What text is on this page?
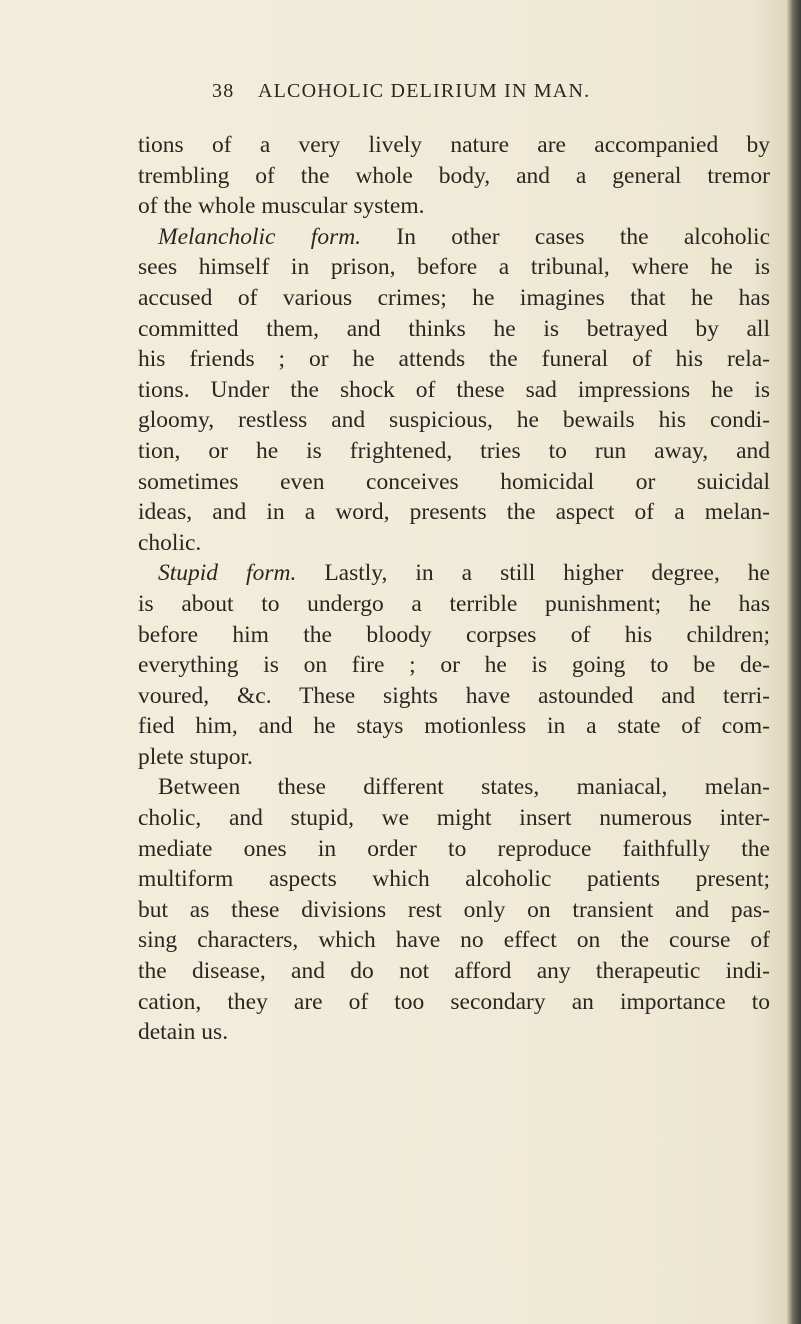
38 ALCOHOLIC DELIRIUM IN MAN.
tions of a very lively nature are accompanied by
trembling of the whole body, and a general tremor
of the whole muscular system.
Melancholic form. In other cases the alcoholic
sees himself in prison, before a tribunal, where he is
accused of various crimes; he imagines that he has
committed them, and thinks he is betrayed by all
his friends ; or he attends the funeral of his rela-
tions. Under the shock of these sad impressions he is
gloomy, restless and suspicious, he bewails his condi-
tion, or he is frightened, tries to run away, and
sometimes even conceives homicidal or suicidal
ideas, and in a word, presents the aspect of a melan-
cholic.
Stupid form. Lastly, in a still higher degree, he
is about to undergo a terrible punishment; he has
before him the bloody corpses of his children;
everything is on fire ; or he is going to be de-
voured, &c. These sights have astounded and terri-
fied him, and he stays motionless in a state of com-
plete stupor.
Between these different states, maniacal, melan-
cholic, and stupid, we might insert numerous inter-
mediate ones in order to reproduce faithfully the
multiform aspects which alcoholic patients present;
but as these divisions rest only on transient and pas-
sing characters, which have no effect on the course of
the disease, and do not afford any therapeutic indi-
cation, they are of too secondary an importance to
detain us.
